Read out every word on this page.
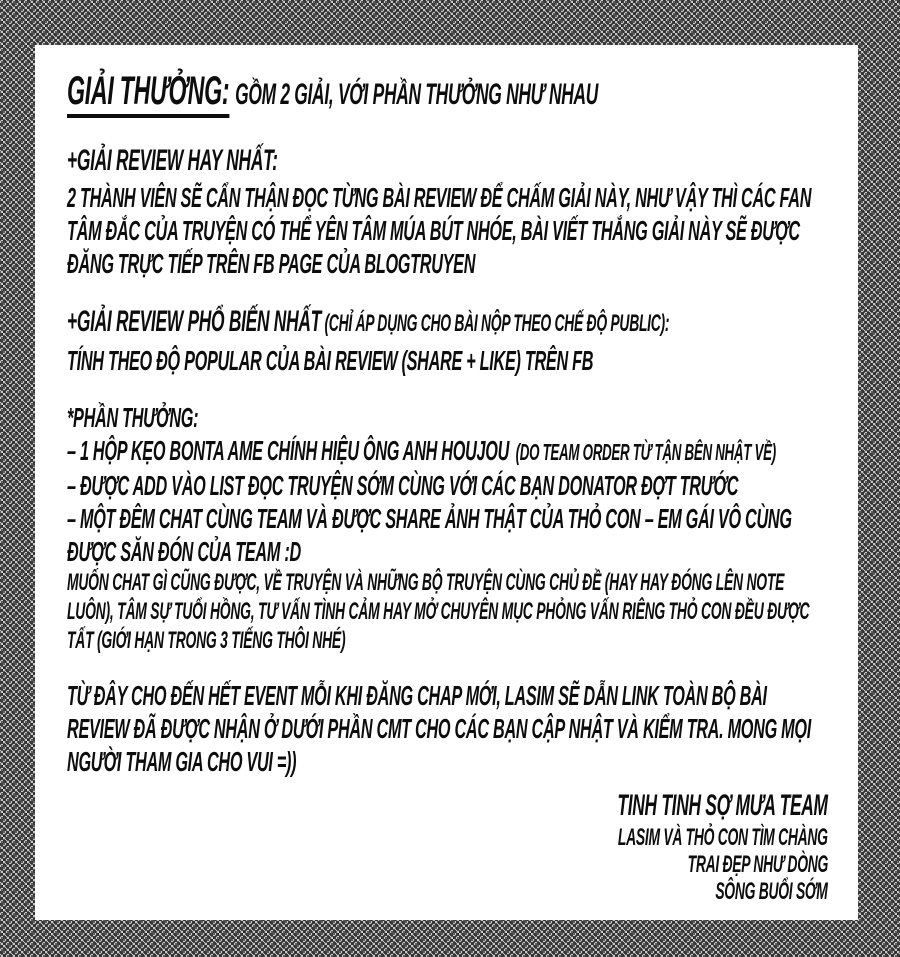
GIẢI THƯỞNG: GỒM 2 GIẢI, VỚI PHẦN THƯỞNG NHƯ NHAU
+GIẢI REVIEW HAY NHẤT:
2 THÀNH VIÊN SẼ CẨN THẬN ĐỌC TỪNG BÀI REVIEW ĐỂ CHẤM GIẢI NÀY, NHƯ VẬY THÌ CÁC FAN TÂM ĐẮC CỦA TRUYỆN CÓ THỂ YÊN TÂM MÚA BÚT NHÓE, BÀI VIẾT THẮNG GIẢI NÀY SẼ ĐƯỢC ĐĂNG TRỰC TIẾP TRÊN FB PAGE CỦA BLOGTRUYEN
+GIẢI REVIEW PHỔ BIẾN NHẤT (CHỈ ÁP DỤNG CHO BÀI NỘP THEO CHẾ ĐỘ PUBLIC):
TÍNH THEO ĐỘ POPULAR CỦA BÀI REVIEW (SHARE + LIKE) TRÊN FB
*PHẦN THƯỞNG:
– 1 HỘP KẸO BONTA AME CHÍNH HIỆU ÔNG ANH HOUJOU (DO TEAM ORDER TỪ TẬN BÊN NHẬT VỀ)
– ĐƯỢC ADD VÀO LIST ĐỌC TRUYỆN SỚM CÙNG VỚI CÁC BẠN DONATOR ĐỢT TRƯỚC
– MỘT ĐÊM CHAT CÙNG TEAM VÀ ĐƯỢC SHARE ẢNH THẬT CỦA THỎ CON – EM GÁI VÔ CÙNG ĐƯỢC SĂN ĐÓN CỦA TEAM :D
MUỐN CHAT GÌ CŨNG ĐƯỢC, VỀ TRUYỆN VÀ NHỮNG BỘ TRUYỆN CÙNG CHỦ ĐỀ (HAY HAY ĐÓNG LÊN NOTE LUÔN), TÂM SỰ TUỔI HỒNG, TƯ VẤN TÌNH CẢM HAY MỞ CHUYÊN MỤC PHỎNG VẤN RIÊNG THỎ CON ĐỀU ĐƯỢC TẤT (GIỚI HẠN TRONG 3 TIẾNG THÔI NHÉ)
TỪ ĐÂY CHO ĐẾN HẾT EVENT MỖI KHI ĐĂNG CHAP MỚI, LASIM SẼ DẪN LINK TOÀN BỘ BÀI REVIEW ĐÃ ĐƯỢC NHẬN Ở DƯỚI PHẦN CMT CHO CÁC BẠN CẬP NHẬT VÀ KIỂM TRA. MONG MỌI NGƯỜI THAM GIA CHO VUI =))
TINH TINH SỢ MƯA TEAM
LASIM VÀ THỎ CON TÌM CHÀNG
TRAI ĐẸP NHƯ DÒNG
SÔNG BUỔI SỚM
